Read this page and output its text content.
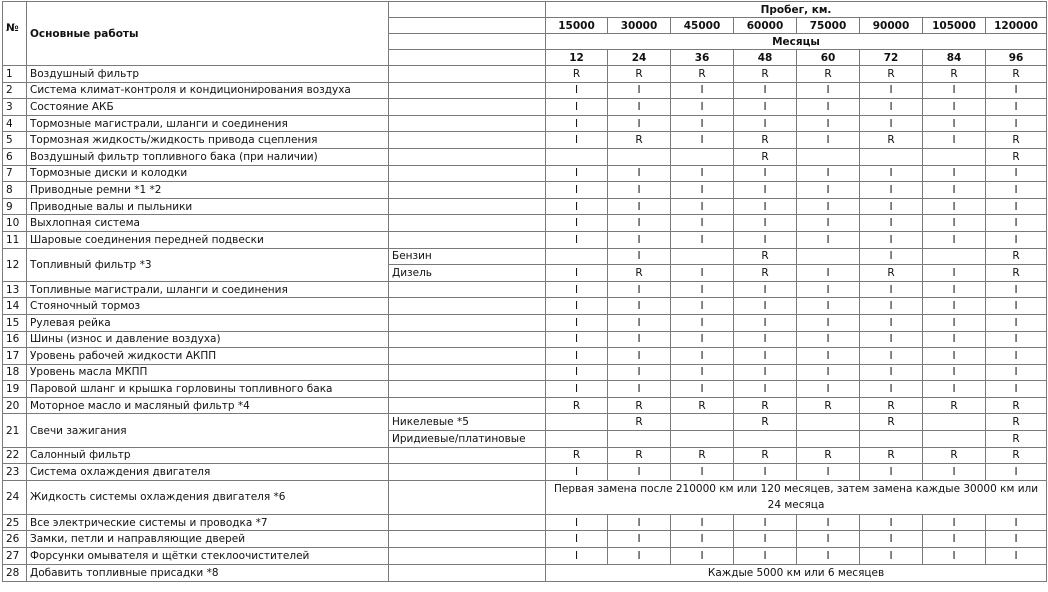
№	Основные работы		Пробег, км.							
			15000	30000	45000	60000	75000	90000	105000	120000
			Месяцы							
			12	24	36	48	60	72	84	96
1	Воздушный фильтр		R	R	R	R	R	R	R	R
2	Система климат-контроля и кондиционирования воздуха		I	I	I	I	I	I	I	I
3	Состояние АКБ		I	I	I	I	I	I	I	I
4	Тормозные магистрали, шланги и соединения		I	I	I	I	I	I	I	I
5	Тормозная жидкость/жидкость привода сцепления		I	R	I	R	I	R	I	R
6	Воздушный фильтр топливного бака (при наличии)					R				R
7	Тормозные диски и колодки		I	I	I	I	I	I	I	I
8	Приводные ремни *1 *2		I	I	I	I	I	I	I	I
9	Приводные валы и пыльники		I	I	I	I	I	I	I	I
10	Выхлопная система		I	I	I	I	I	I	I	I
11	Шаровые соединения передней подвески		I	I	I	I	I	I	I	I
12	Топливный фильтр *3	Бензин		I		R		I		R
		Дизель	I	R	I	R	I	R	I	R
13	Топливные магистрали, шланги и соединения		I	I	I	I	I	I	I	I
14	Стояночный тормоз		I	I	I	I	I	I	I	I
15	Рулевая рейка		I	I	I	I	I	I	I	I
16	Шины (износ и давление воздуха)		I	I	I	I	I	I	I	I
17	Уровень рабочей жидкости АКПП		I	I	I	I	I	I	I	I
18	Уровень масла МКПП		I	I	I	I	I	I	I	I
19	Паровой шланг и крышка горловины топливного бака		I	I	I	I	I	I	I	I
20	Моторное масло и масляный фильтр *4		R	R	R	R	R	R	R	R
21	Свечи зажигания	Никелевые *5		R		R		R		R
		Иридиевые/платиновые								R
22	Салонный фильтр		R	R	R	R	R	R	R	R
23	Система охлаждения двигателя		I	I	I	I	I	I	I	I
24	Жидкость системы охлаждения двигателя *6		Первая замена после 210000 км или 120 месяцев, затем замена каждые 30000 км или 24 месяца							
25	Все электрические системы и проводка *7		I	I	I	I	I	I	I	I
26	Замки, петли и направляющие дверей		I	I	I	I	I	I	I	I
27	Форсунки омывателя и щётки стеклоочистителей		I	I	I	I	I	I	I	I
28	Добавить топливные присадки *8		Каждые 5000 км или 6 месяцев							
